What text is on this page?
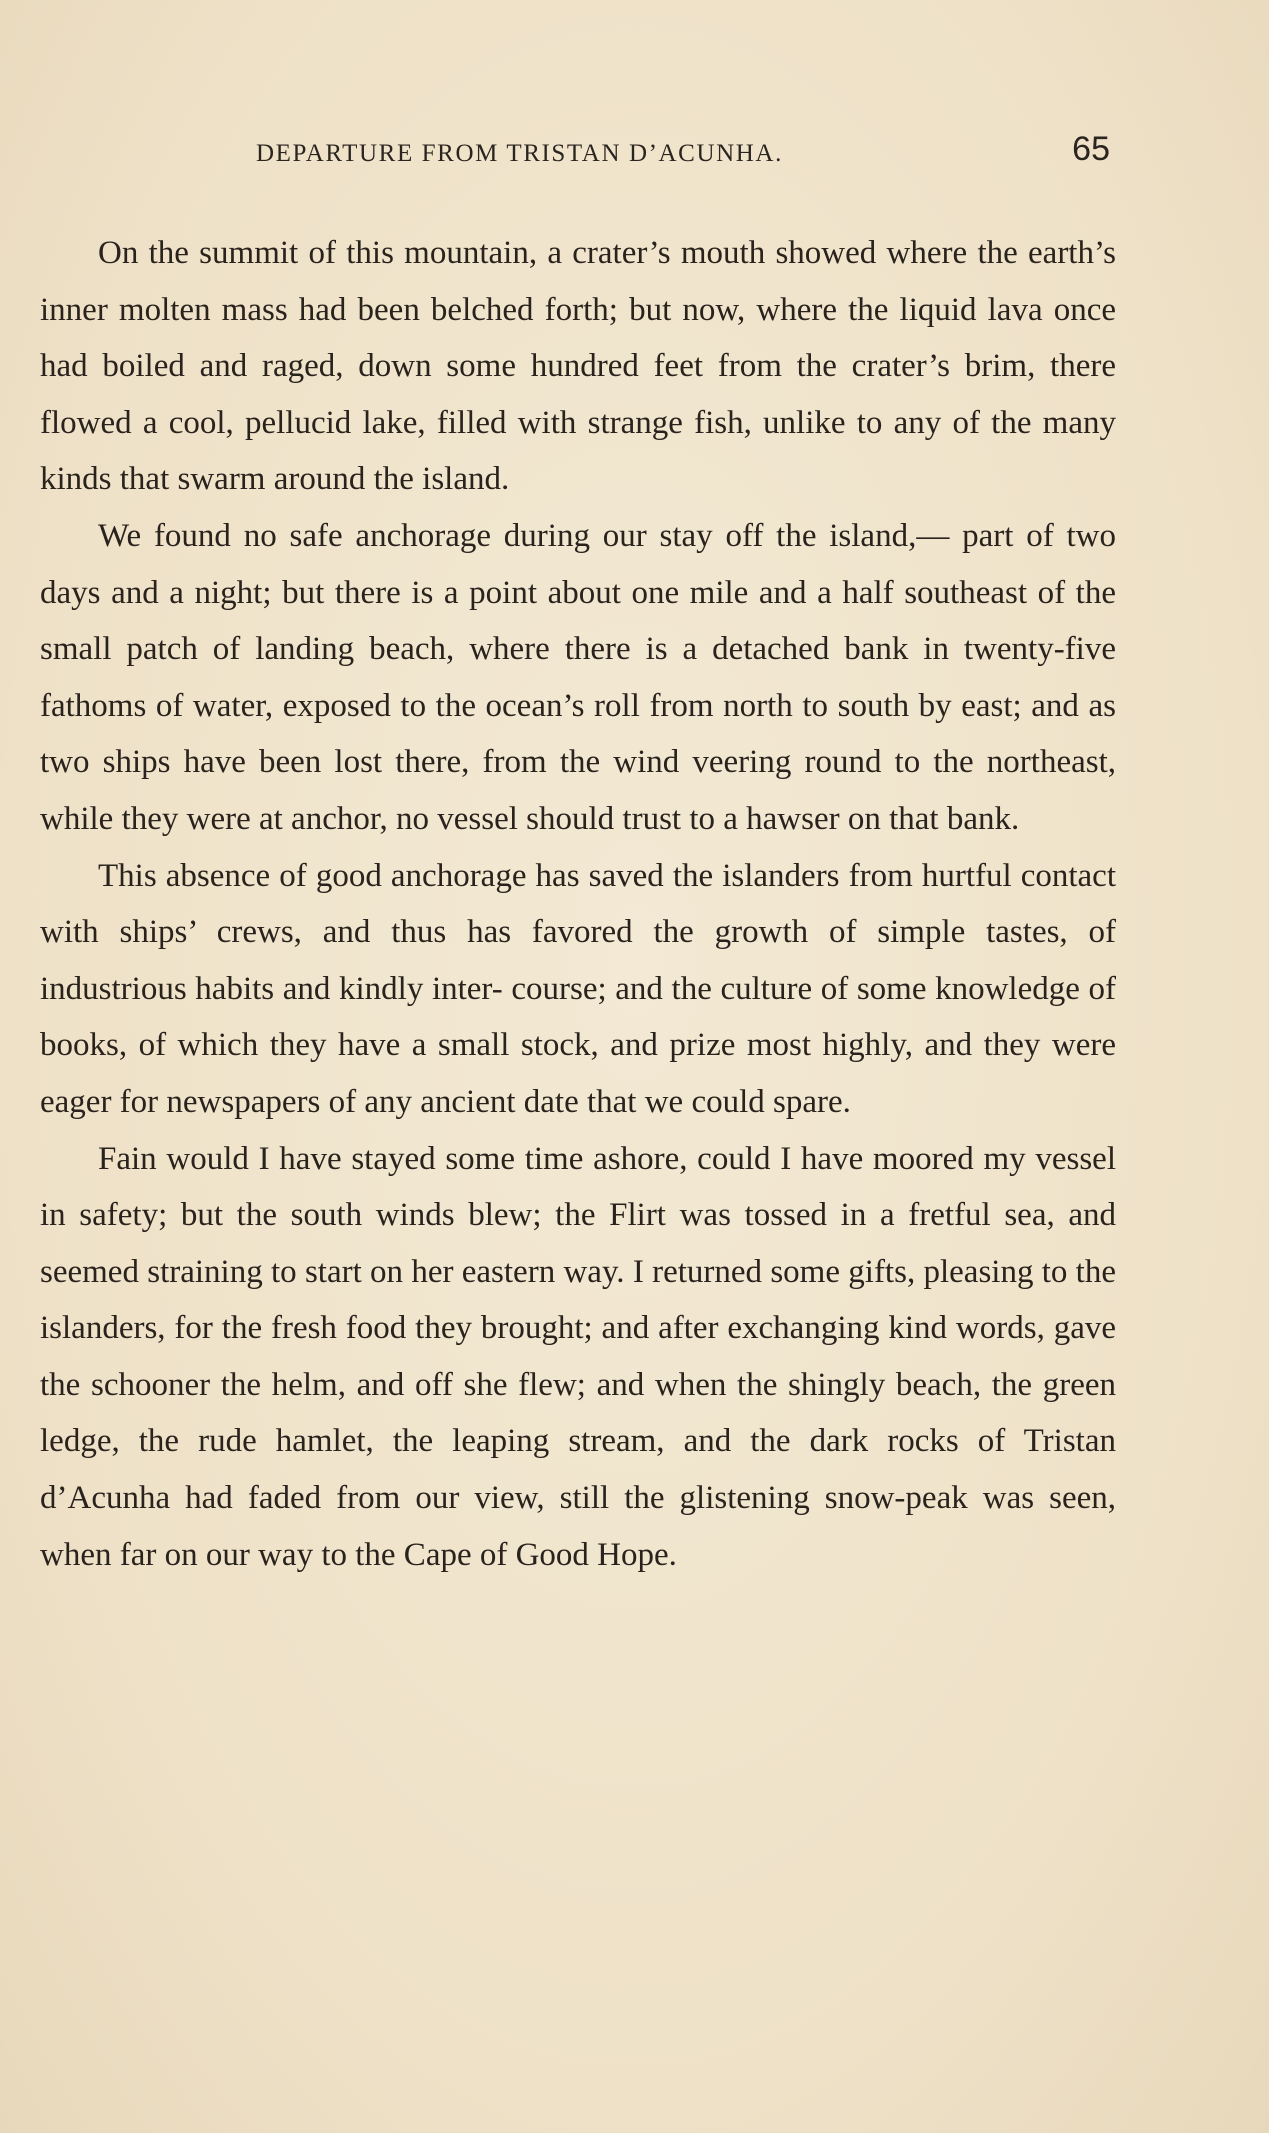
DEPARTURE FROM TRISTAN D’ACUNHA.	65

On the summit of this mountain, a crater’s mouth showed where the earth’s inner molten mass had been belched forth; but now, where the liquid lava once had boiled and raged, down some hundred feet from the crater’s brim, there flowed a cool, pellucid lake, filled with strange fish, unlike to any of the many kinds that swarm around the island.

We found no safe anchorage during our stay off the island,— part of two days and a night; but there is a point about one mile and a half southeast of the small patch of landing beach, where there is a detached bank in twenty-five fathoms of water, exposed to the ocean’s roll from north to south by east; and as two ships have been lost there, from the wind veering round to the northeast, while they were at anchor, no vessel should trust to a hawser on that bank.

This absence of good anchorage has saved the islanders from hurtful contact with ships’ crews, and thus has favored the growth of simple tastes, of industrious habits and kindly inter- course; and the culture of some knowledge of books, of which they have a small stock, and prize most highly, and they were eager for newspapers of any ancient date that we could spare.

Fain would I have stayed some time ashore, could I have moored my vessel in safety; but the south winds blew; the Flirt was tossed in a fretful sea, and seemed straining to start on her eastern way. I returned some gifts, pleasing to the islanders, for the fresh food they brought; and after exchanging kind words, gave the schooner the helm, and off she flew; and when the shingly beach, the green ledge, the rude hamlet, the leaping stream, and the dark rocks of Tristan d’Acunha had faded from our view, still the glistening snow-peak was seen, when far on our way to the Cape of Good Hope.
